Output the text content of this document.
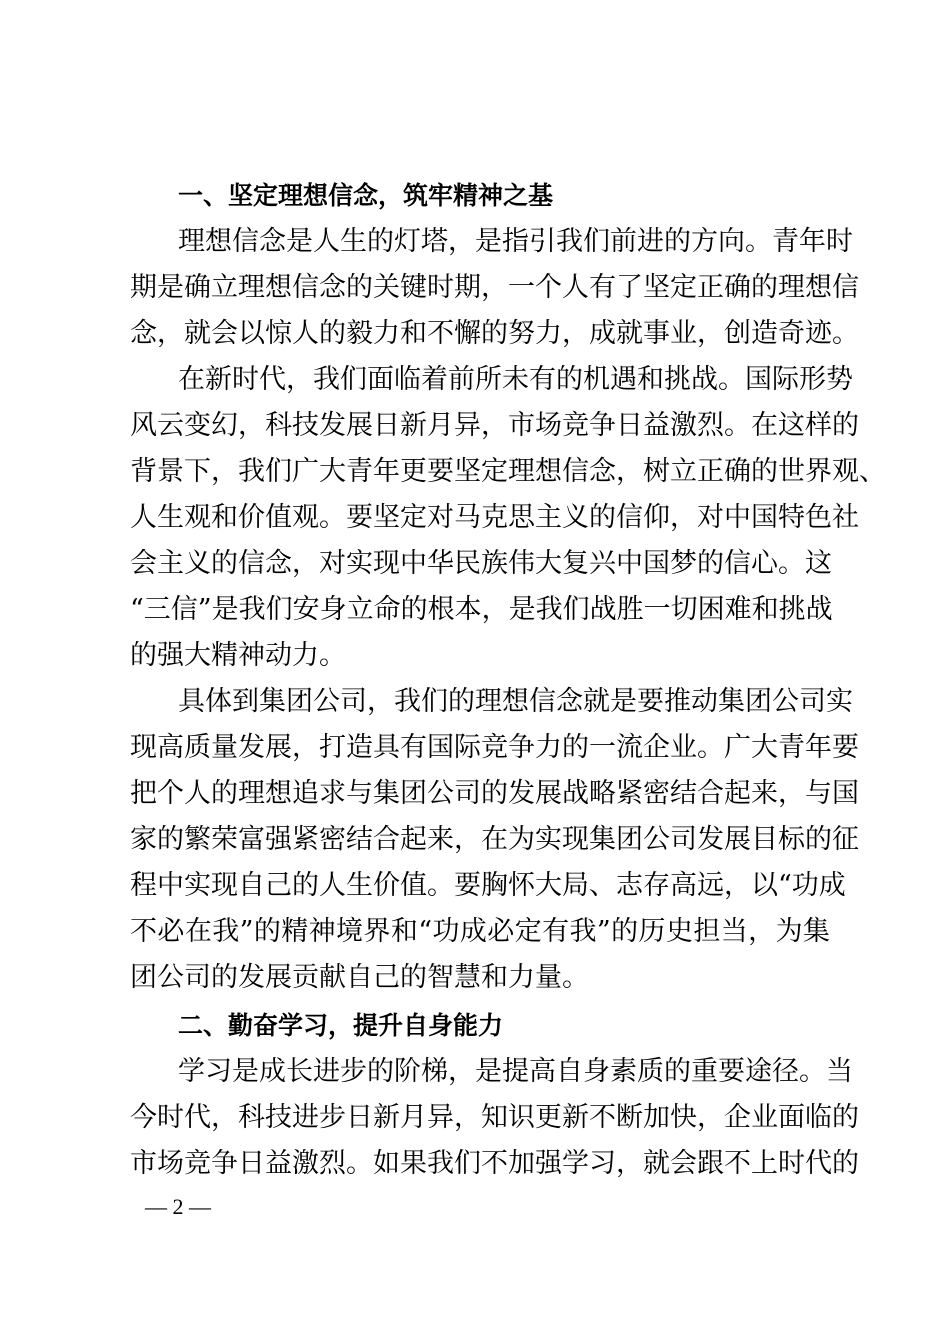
一、坚定理想信念，筑牢精神之基
理想信念是人生的灯塔，是指引我们前进的方向。青年时
期是确立理想信念的关键时期，一个人有了坚定正确的理想信
念，就会以惊人的毅力和不懈的努力，成就事业，创造奇迹。
在新时代，我们面临着前所未有的机遇和挑战。国际形势
风云变幻，科技发展日新月异，市场竞争日益激烈。在这样的
背景下，我们广大青年更要坚定理想信念，树立正确的世界观、
人生观和价值观。要坚定对马克思主义的信仰，对中国特色社
会主义的信念，对实现中华民族伟大复兴中国梦的信心。这
“三信”是我们安身立命的根本，是我们战胜一切困难和挑战
的强大精神动力。
具体到集团公司，我们的理想信念就是要推动集团公司实
现高质量发展，打造具有国际竞争力的一流企业。广大青年要
把个人的理想追求与集团公司的发展战略紧密结合起来，与国
家的繁荣富强紧密结合起来，在为实现集团公司发展目标的征
程中实现自己的人生价值。要胸怀大局、志存高远，以“功成
不必在我”的精神境界和“功成必定有我”的历史担当，为集
团公司的发展贡献自己的智慧和力量。
二、勤奋学习，提升自身能力
学习是成长进步的阶梯，是提高自身素质的重要途径。当
今时代，科技进步日新月异，知识更新不断加快，企业面临的
市场竞争日益激烈。如果我们不加强学习，就会跟不上时代的
— 2 —
